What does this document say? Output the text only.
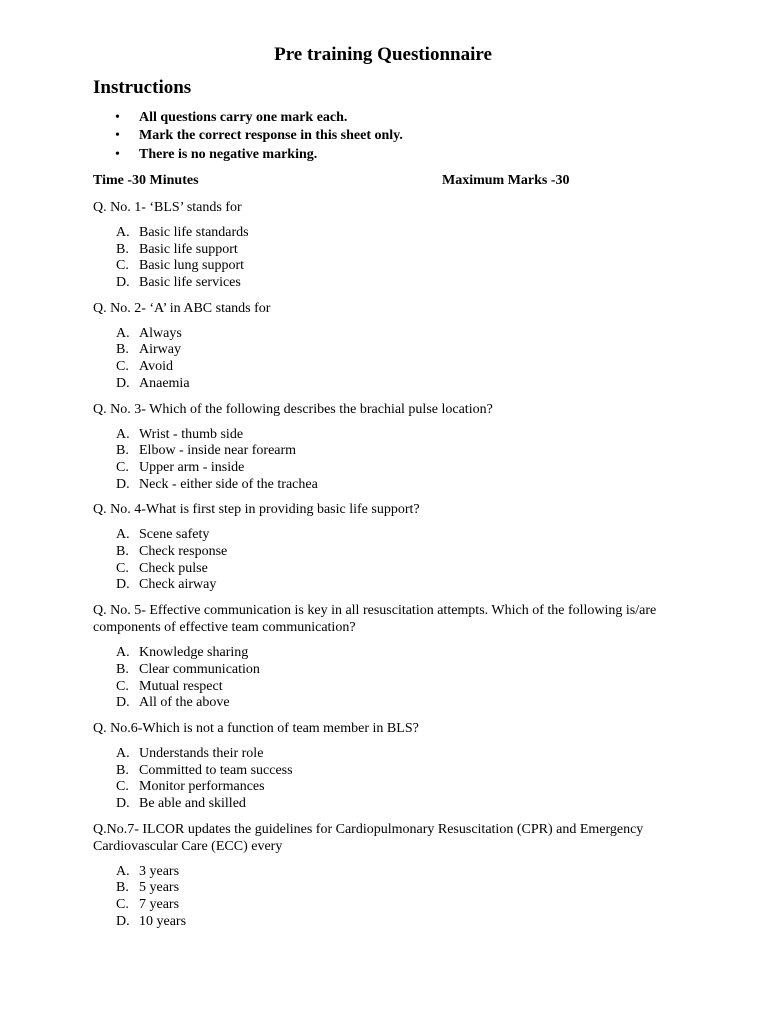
Pre training Questionnaire
Instructions
• All questions carry one mark each.
• Mark the correct response in this sheet only.
• There is no negative marking.
Time -30 Minutes	Maximum Marks -30
Q. No. 1- ‘BLS’ stands for
A. Basic life standards
B. Basic life support
C. Basic lung support
D. Basic life services
Q. No. 2- ‘A’ in ABC stands for
A. Always
B. Airway
C. Avoid
D. Anaemia
Q. No. 3- Which of the following describes the brachial pulse location?
A. Wrist - thumb side
B. Elbow - inside near forearm
C. Upper arm - inside
D. Neck - either side of the trachea
Q. No. 4-What is first step in providing basic life support?
A. Scene safety
B. Check response
C. Check pulse
D. Check airway
Q. No. 5- Effective communication is key in all resuscitation attempts. Which of the following is/are components of effective team communication?
A. Knowledge sharing
B. Clear communication
C. Mutual respect
D. All of the above
Q. No.6-Which is not a function of team member in BLS?
A. Understands their role
B. Committed to team success
C. Monitor performances
D. Be able and skilled
Q.No.7- ILCOR updates the guidelines for Cardiopulmonary Resuscitation (CPR) and Emergency Cardiovascular Care (ECC) every
A. 3 years
B. 5 years
C. 7 years
D. 10 years
